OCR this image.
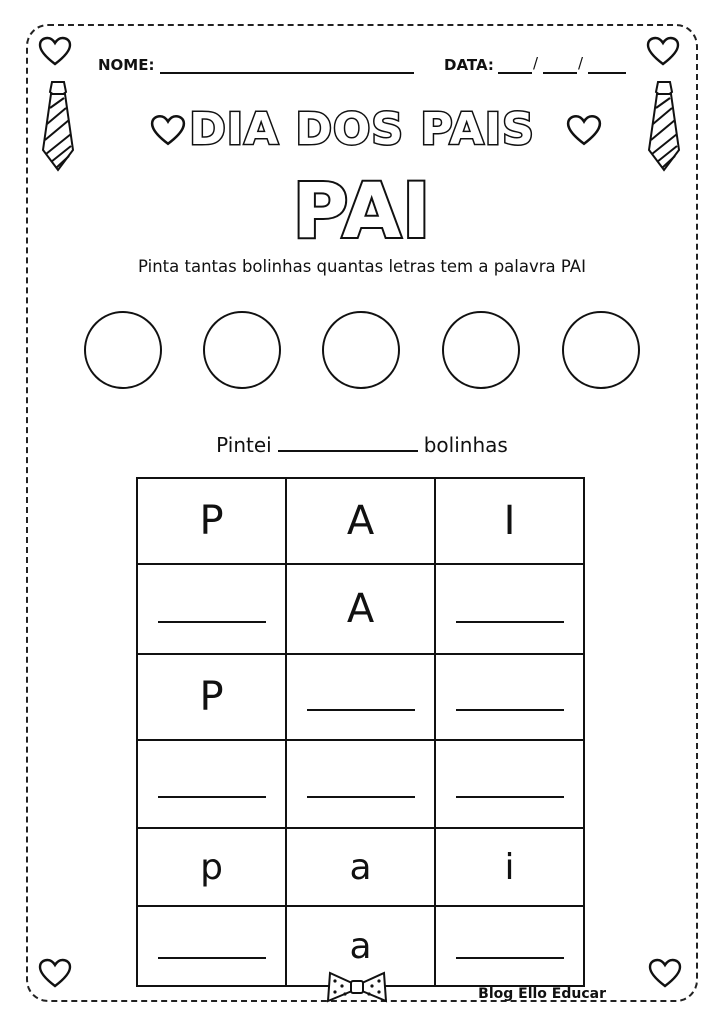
NOME:	DATA:	/	/
DIA DOS PAIS
PAI
Pinta tantas bolinhas quantas letras tem a palavra PAI
Pintei	bolinhas
P	A	I
	A	
P		

p	a	i
	a	
Blog Ello Educar
